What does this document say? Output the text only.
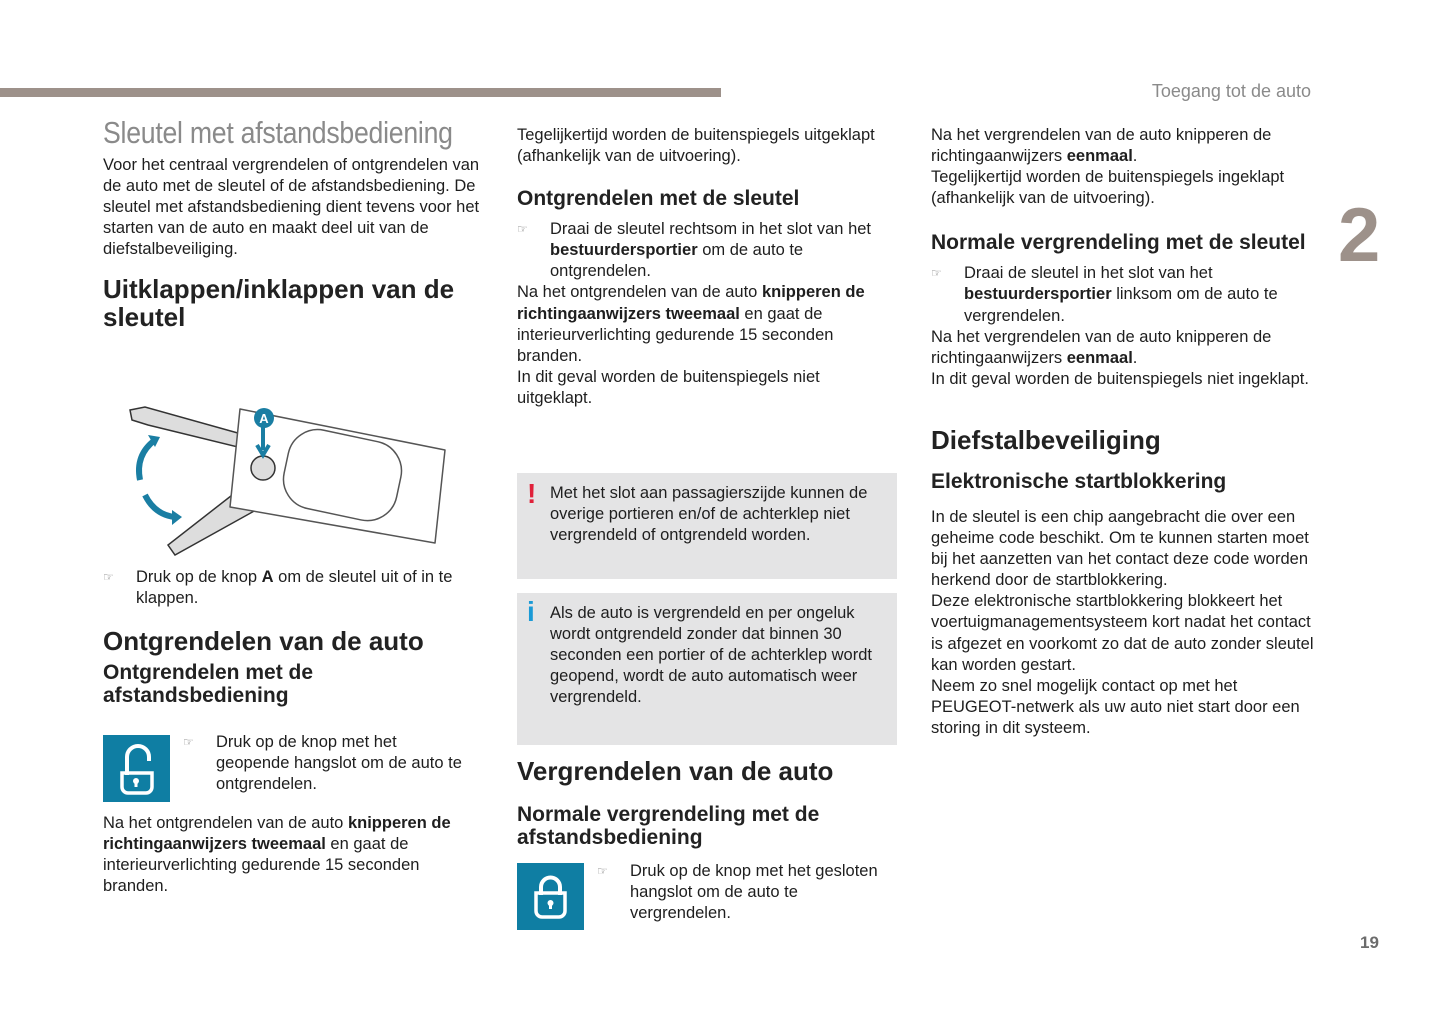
Toegang tot de auto
2
19
Sleutel met afstandsbediening

Voor het centraal vergrendelen of ontgrendelen van de auto met de sleutel of de afstandsbediening. De sleutel met afstandsbediening dient tevens voor het starten van de auto en maakt deel uit van de diefstalbeveiliging.

Uitklappen/inklappen van de sleutel
A

☞ Druk op de knop A om de sleutel uit of in te klappen.

Ontgrendelen van de auto
Ontgrendelen met de afstandsbediening

☞ Druk op de knop met het geopende hangslot om de auto te ontgrendelen.

Na het ontgrendelen van de auto knipperen de richtingaanwijzers tweemaal en gaat de interieurverlichting gedurende 15 seconden branden.

Tegelijkertijd worden de buitenspiegels uitgeklapt (afhankelijk van de uitvoering).

Ontgrendelen met de sleutel

☞ Draai de sleutel rechtsom in het slot van het bestuurdersportier om de auto te ontgrendelen.

Na het ontgrendelen van de auto knipperen de richtingaanwijzers tweemaal en gaat de interieurverlichting gedurende 15 seconden branden.

In dit geval worden de buitenspiegels niet uitgeklapt.

! Met het slot aan passagierszijde kunnen de overige portieren en/of de achterklep niet vergrendeld of ontgrendeld worden.

i Als de auto is vergrendeld en per ongeluk wordt ontgrendeld zonder dat binnen 30 seconden een portier of de achterklep wordt geopend, wordt de auto automatisch weer vergrendeld.

Vergrendelen van de auto
Normale vergrendeling met de afstandsbediening

☞ Druk op de knop met het gesloten hangslot om de auto te vergrendelen.

Na het vergrendelen van de auto knipperen de richtingaanwijzers eenmaal.

Tegelijkertijd worden de buitenspiegels ingeklapt (afhankelijk van de uitvoering).

Normale vergrendeling met de sleutel

☞ Draai de sleutel in het slot van het bestuurdersportier linksom om de auto te vergrendelen.

Na het vergrendelen van de auto knipperen de richtingaanwijzers eenmaal.

In dit geval worden de buitenspiegels niet ingeklapt.

Diefstalbeveiliging
Elektronische startblokkering

In de sleutel is een chip aangebracht die over een geheime code beschikt. Om te kunnen starten moet bij het aanzetten van het contact deze code worden herkend door de startblokkering.

Deze elektronische startblokkering blokkeert het voertuigmanagementsysteem kort nadat het contact is afgezet en voorkomt zo dat de auto zonder sleutel kan worden gestart.

Neem zo snel mogelijk contact op met het PEUGEOT-netwerk als uw auto niet start door een storing in dit systeem.
